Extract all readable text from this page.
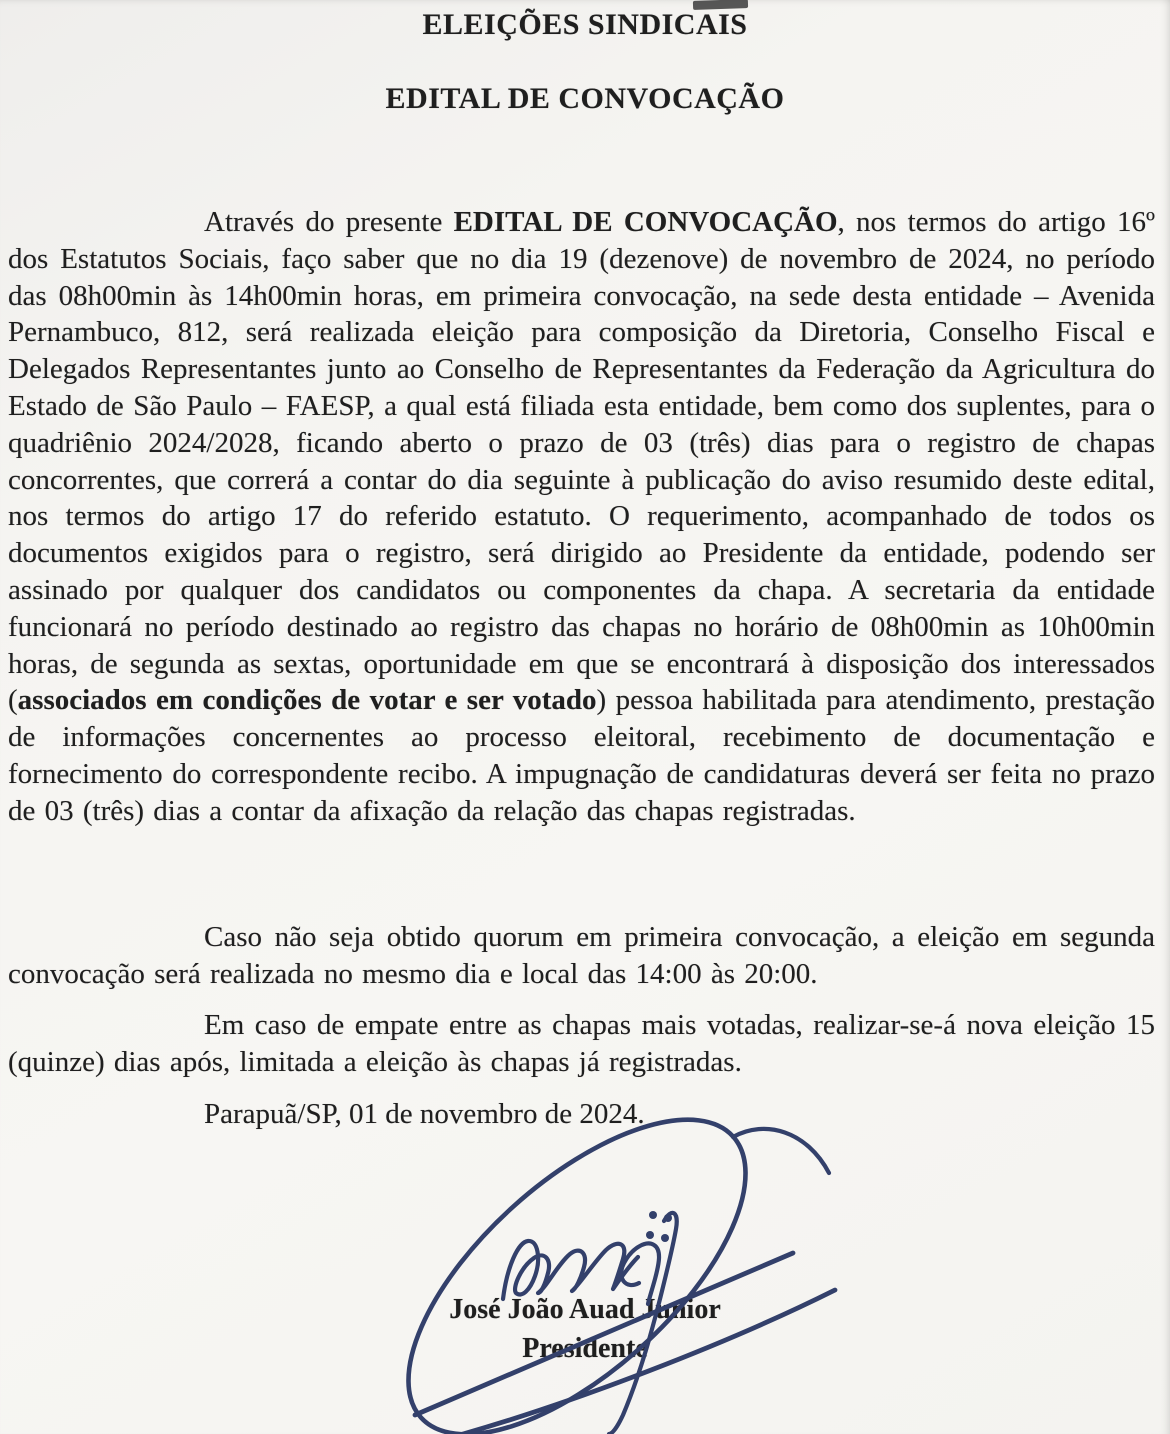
ELEIÇÕES SINDICAIS
EDITAL DE CONVOCAÇÃO

Através do presente EDITAL DE CONVOCAÇÃO, nos termos do artigo 16º dos Estatutos Sociais, faço saber que no dia 19 (dezenove) de novembro de 2024, no período das 08h00min às 14h00min horas, em primeira convocação, na sede desta entidade – Avenida Pernambuco, 812, será realizada eleição para composição da Diretoria, Conselho Fiscal e Delegados Representantes junto ao Conselho de Representantes da Federação da Agricultura do Estado de São Paulo – FAESP, a qual está filiada esta entidade, bem como dos suplentes, para o quadriênio 2024/2028, ficando aberto o prazo de 03 (três) dias para o registro de chapas concorrentes, que correrá a contar do dia seguinte à publicação do aviso resumido deste edital, nos termos do artigo 17 do referido estatuto. O requerimento, acompanhado de todos os documentos exigidos para o registro, será dirigido ao Presidente da entidade, podendo ser assinado por qualquer dos candidatos ou componentes da chapa. A secretaria da entidade funcionará no período destinado ao registro das chapas no horário de 08h00min as 10h00min horas, de segunda as sextas, oportunidade em que se encontrará à disposição dos interessados (associados em condições de votar e ser votado) pessoa habilitada para atendimento, prestação de informações concernentes ao processo eleitoral, recebimento de documentação e fornecimento do correspondente recibo. A impugnação de candidaturas deverá ser feita no prazo de 03 (três) dias a contar da afixação da relação das chapas registradas.

Caso não seja obtido quorum em primeira convocação, a eleição em segunda convocação será realizada no mesmo dia e local das 14:00 às 20:00.

Em caso de empate entre as chapas mais votadas, realizar-se-á nova eleição 15 (quinze) dias após, limitada a eleição às chapas já registradas.

Parapuã/SP, 01 de novembro de 2024.

José João Auad Junior

Presidente
